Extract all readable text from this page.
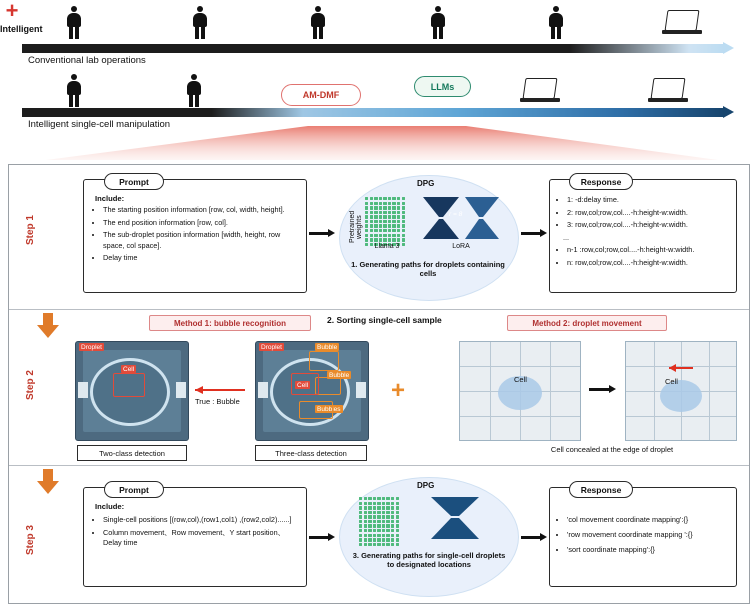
Conventional lab operations
AM-DMF
+
LLMs
Intelligent single-cell manipulation
Intelligent
Step 1
Prompt
Include:
• The starting position information [row, col, width, height].
• The end position information [row, col].
• The sub-droplet position information [width, height, row space, col space].
• Delay time
DPG
Pretrained weights
Llama 3	LoRA
r = 8
1. Generating paths for droplets containing cells
Response
• 1: -d:delay time.
• 2: row,col;row,col....-h:height-w:width.
• 3: row,col;row,col....-h:height-w:width.
...
• n-1 :row,col;row,col....-h:height-w:width.
• n: row,col;row,col....-h:height-w:width.
Step 2
Method 1: bubble recognition	2. Sorting single-cell sample	Method 2: droplet movement
Droplet
Cell
Two-class detection
True : Bubble
Droplet	Bubble
Bubble
Cell
Bubbles
Three-class detection
+	Cell	Cell
Cell concealed at the edge of droplet
Step 3
Prompt
Include:
• Single-cell positions [(row,col),(row1,col1) ,(row2,col2)......]
• Column movement、Row movement、Y start position、Delay time
DPG
3. Generating paths for single-cell droplets to designated locations
Response
• 'col movement coordinate mapping':{}
• 'row movement coordinate mapping ':{}
• 'sort coordinate mapping':{}
